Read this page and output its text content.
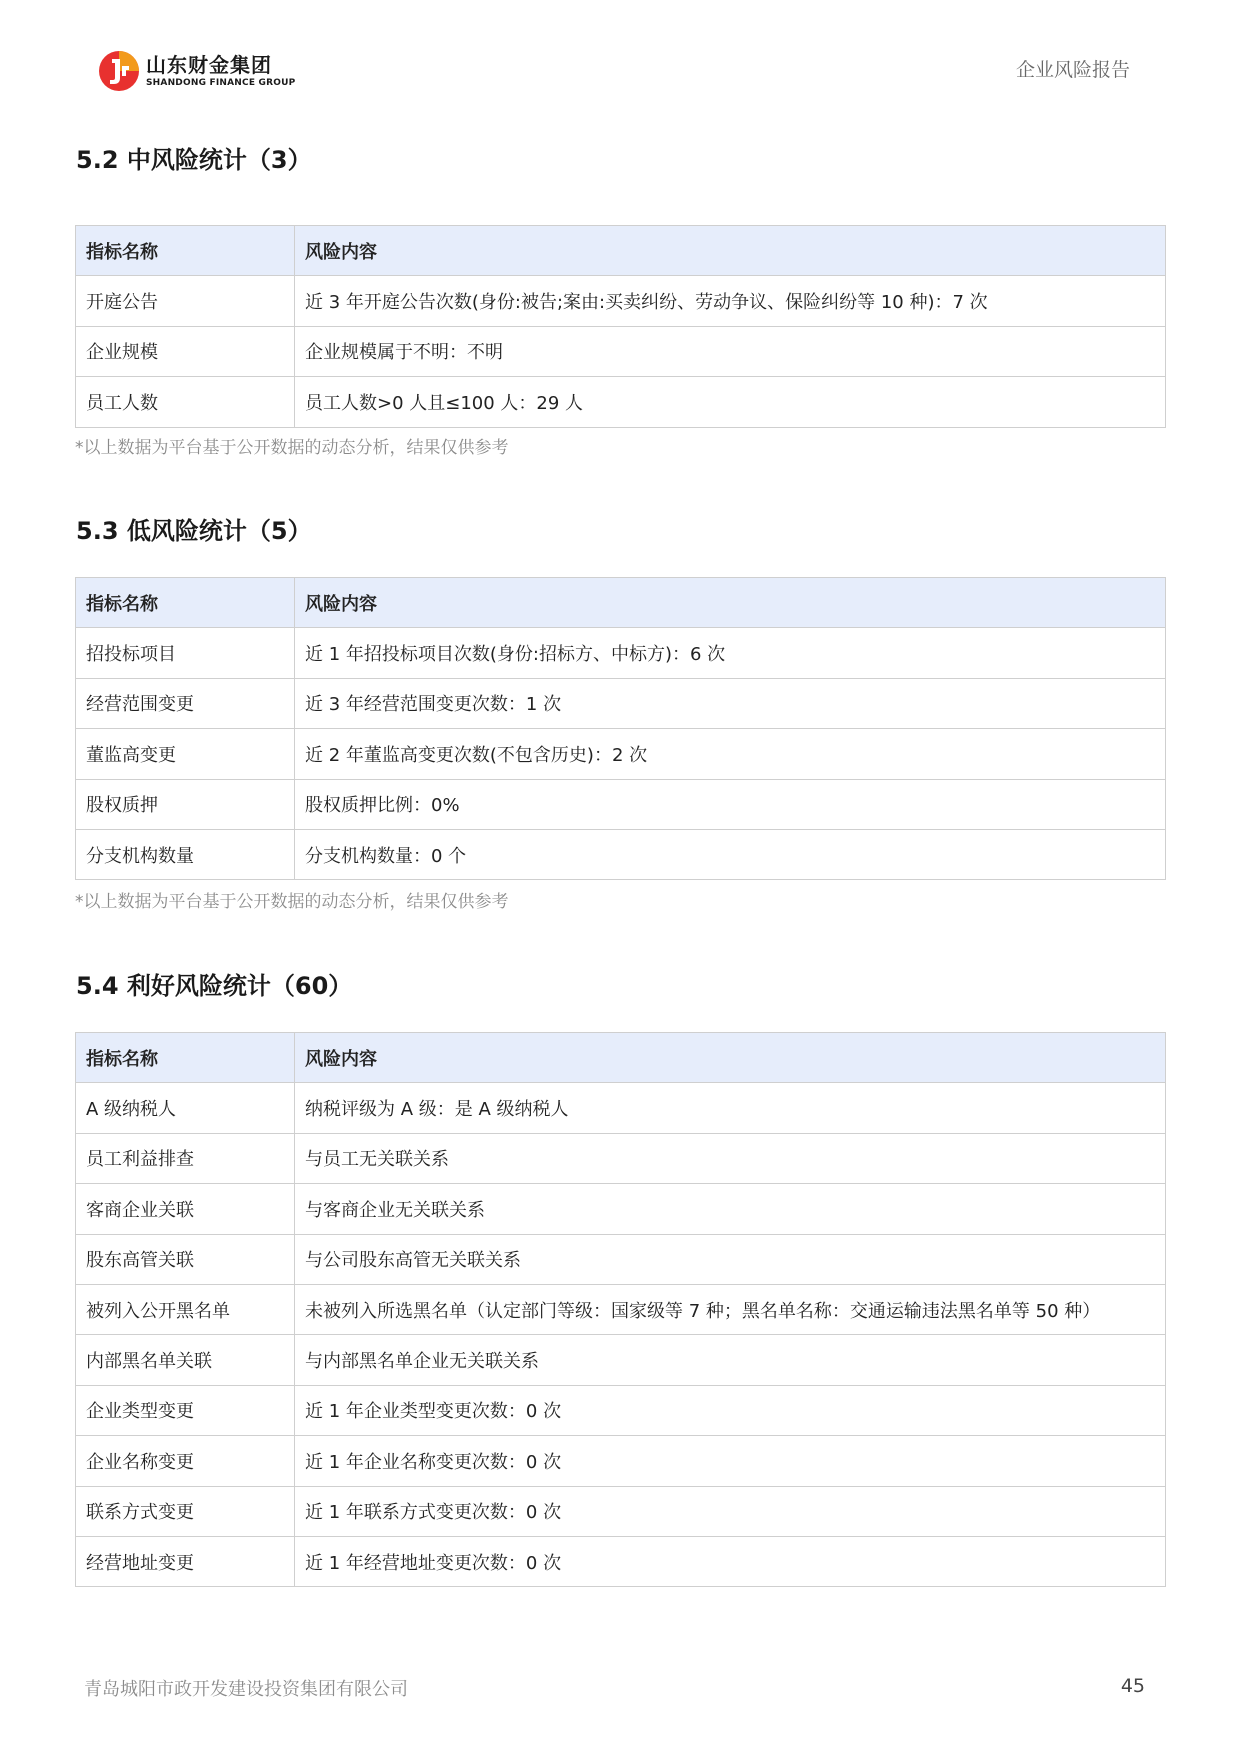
山东财金集团
SHANDONG FINANCE GROUP
企业风险报告
5.2 中风险统计（3）
指标名称	风险内容
开庭公告	近 3 年开庭公告次数(身份:被告;案由:买卖纠纷、劳动争议、保险纠纷等 10 种)：7 次
企业规模	企业规模属于不明：不明
员工人数	员工人数>0 人且≤100 人：29 人
*以上数据为平台基于公开数据的动态分析，结果仅供参考
5.3 低风险统计（5）
指标名称	风险内容
招投标项目	近 1 年招投标项目次数(身份:招标方、中标方)：6 次
经营范围变更	近 3 年经营范围变更次数：1 次
董监高变更	近 2 年董监高变更次数(不包含历史)：2 次
股权质押	股权质押比例：0%
分支机构数量	分支机构数量：0 个
*以上数据为平台基于公开数据的动态分析，结果仅供参考
5.4 利好风险统计（60）
指标名称	风险内容
A 级纳税人	纳税评级为 A 级：是 A 级纳税人
员工利益排查	与员工无关联关系
客商企业关联	与客商企业无关联关系
股东高管关联	与公司股东高管无关联关系
被列入公开黑名单	未被列入所选黑名单（认定部门等级：国家级等 7 种；黑名单名称：交通运输违法黑名单等 50 种）
内部黑名单关联	与内部黑名单企业无关联关系
企业类型变更	近 1 年企业类型变更次数：0 次
企业名称变更	近 1 年企业名称变更次数：0 次
联系方式变更	近 1 年联系方式变更次数：0 次
经营地址变更	近 1 年经营地址变更次数：0 次
青岛城阳市政开发建设投资集团有限公司	45
